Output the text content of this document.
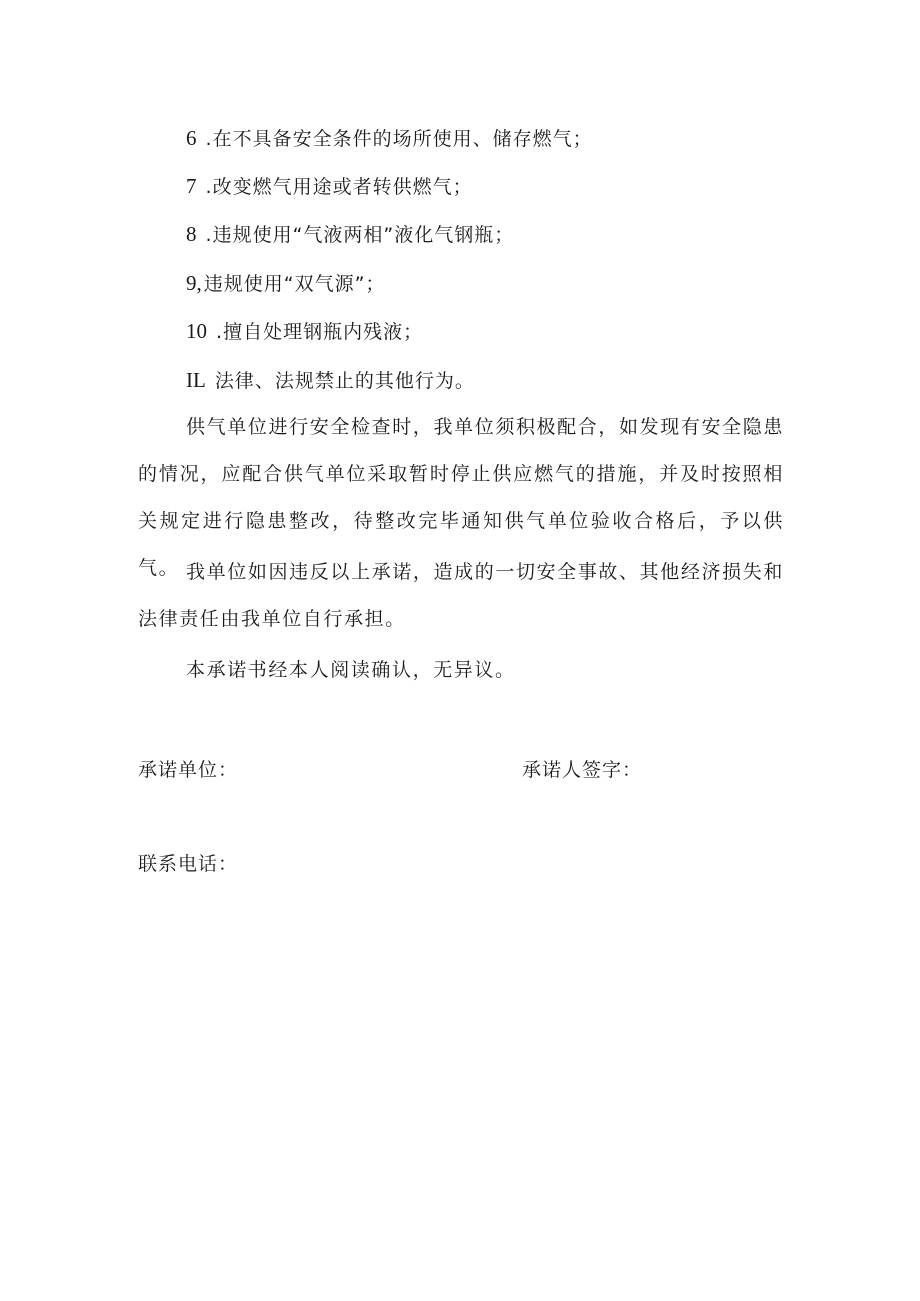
6 .在不具备安全条件的场所使用、储存燃气；
7 .改变燃气用途或者转供燃气；
8 .违规使用“气液两相”液化气钢瓶；
9, 违规使用“双气源”；
10 .擅自处理钢瓶内残液；
IL 法律、法规禁止的其他行为。
供气单位进行安全检查时，我单位须积极配合，如发现有安全隐患的情况，应配合供气单位采取暂时停止供应燃气的措施，并及时按照相关规定进行隐患整改，待整改完毕通知供气单位验收合格后，予以供气。 我单位如因违反以上承诺，造成的一切安全事故、其他经济损失和法律责任由我单位自行承担。
本承诺书经本人阅读确认，无异议。
承诺单位：	承诺人签字：
联系电话：
